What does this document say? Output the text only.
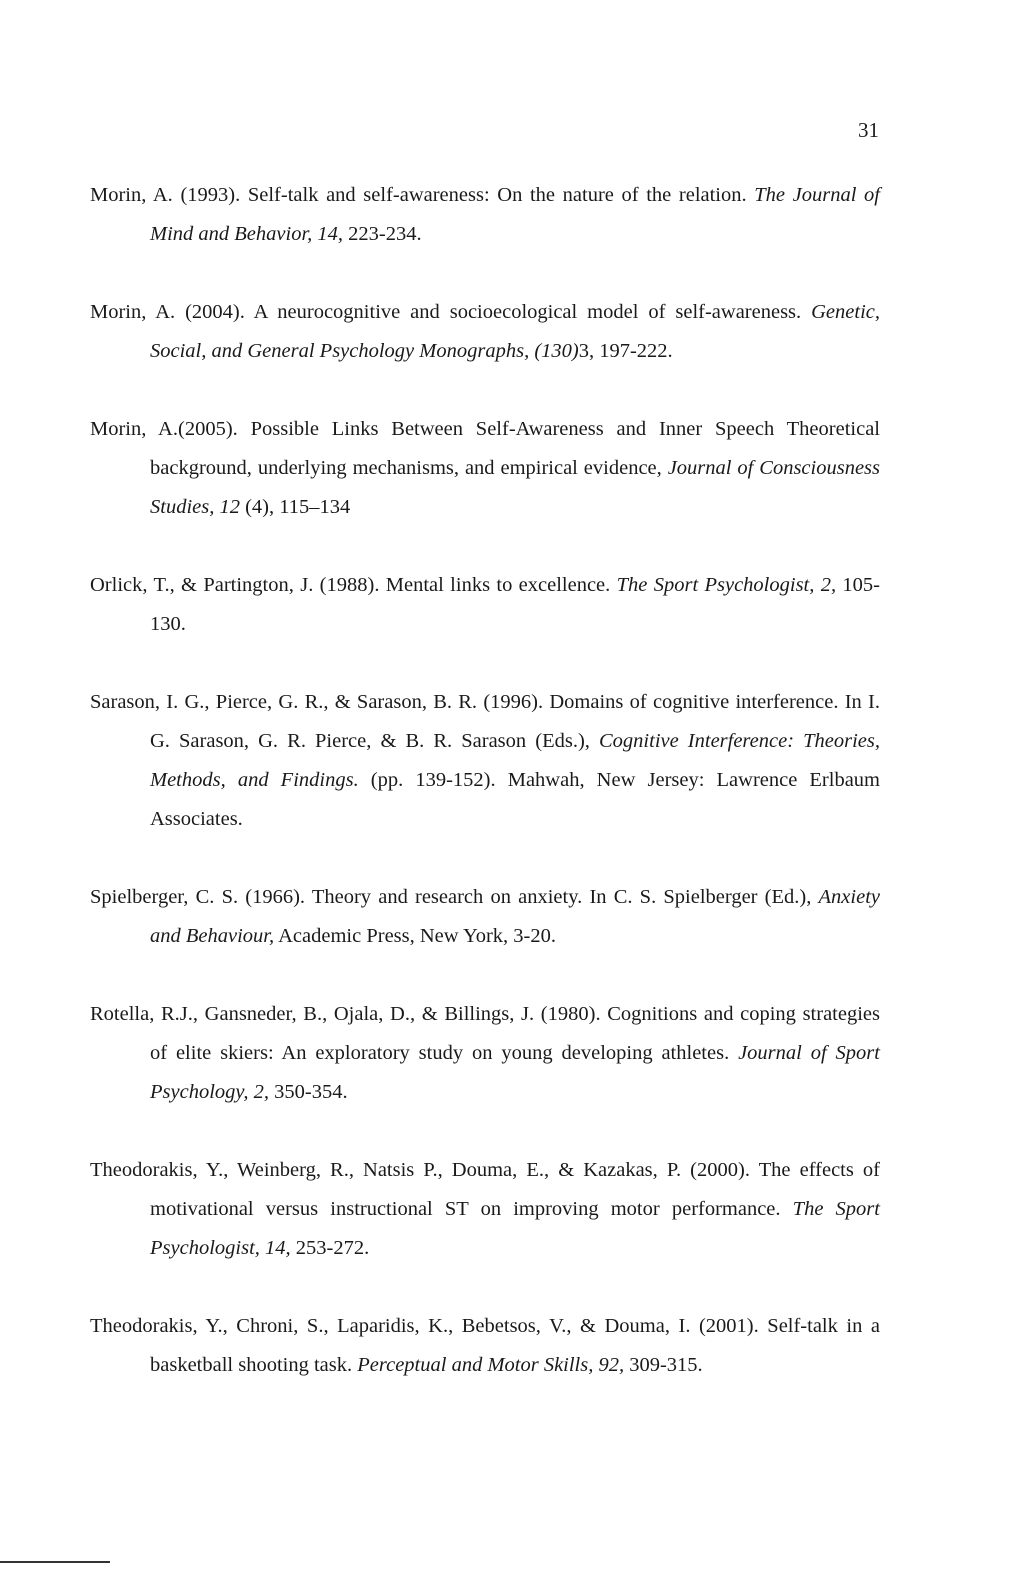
31

Morin, A. (1993). Self-talk and self-awareness: On the nature of the relation. The Journal of Mind and Behavior, 14, 223-234.

Morin, A. (2004). A neurocognitive and socioecological model of self-awareness. Genetic, Social, and General Psychology Monographs, (130)3, 197-222.

Morin, A.(2005). Possible Links Between Self-Awareness and Inner Speech Theoretical background, underlying mechanisms, and empirical evidence, Journal of Consciousness Studies, 12 (4), 115–134

Orlick, T., & Partington, J. (1988). Mental links to excellence. The Sport Psychologist, 2, 105-130.

Sarason, I. G., Pierce, G. R., & Sarason, B. R. (1996). Domains of cognitive interference. In I. G. Sarason, G. R. Pierce, & B. R. Sarason (Eds.), Cognitive Interference: Theories, Methods, and Findings. (pp. 139-152). Mahwah, New Jersey: Lawrence Erlbaum Associates.

Spielberger, C. S. (1966). Theory and research on anxiety. In C. S. Spielberger (Ed.), Anxiety and Behaviour, Academic Press, New York, 3-20.

Rotella, R.J., Gansneder, B., Ojala, D., & Billings, J. (1980). Cognitions and coping strategies of elite skiers: An exploratory study on young developing athletes. Journal of Sport Psychology, 2, 350-354.

Theodorakis, Y., Weinberg, R., Natsis P., Douma, E., & Kazakas, P. (2000). The effects of motivational versus instructional ST on improving motor performance. The Sport Psychologist, 14, 253-272.

Theodorakis, Y., Chroni, S., Laparidis, K., Bebetsos, V., & Douma, I. (2001). Self-talk in a basketball shooting task. Perceptual and Motor Skills, 92, 309-315.
